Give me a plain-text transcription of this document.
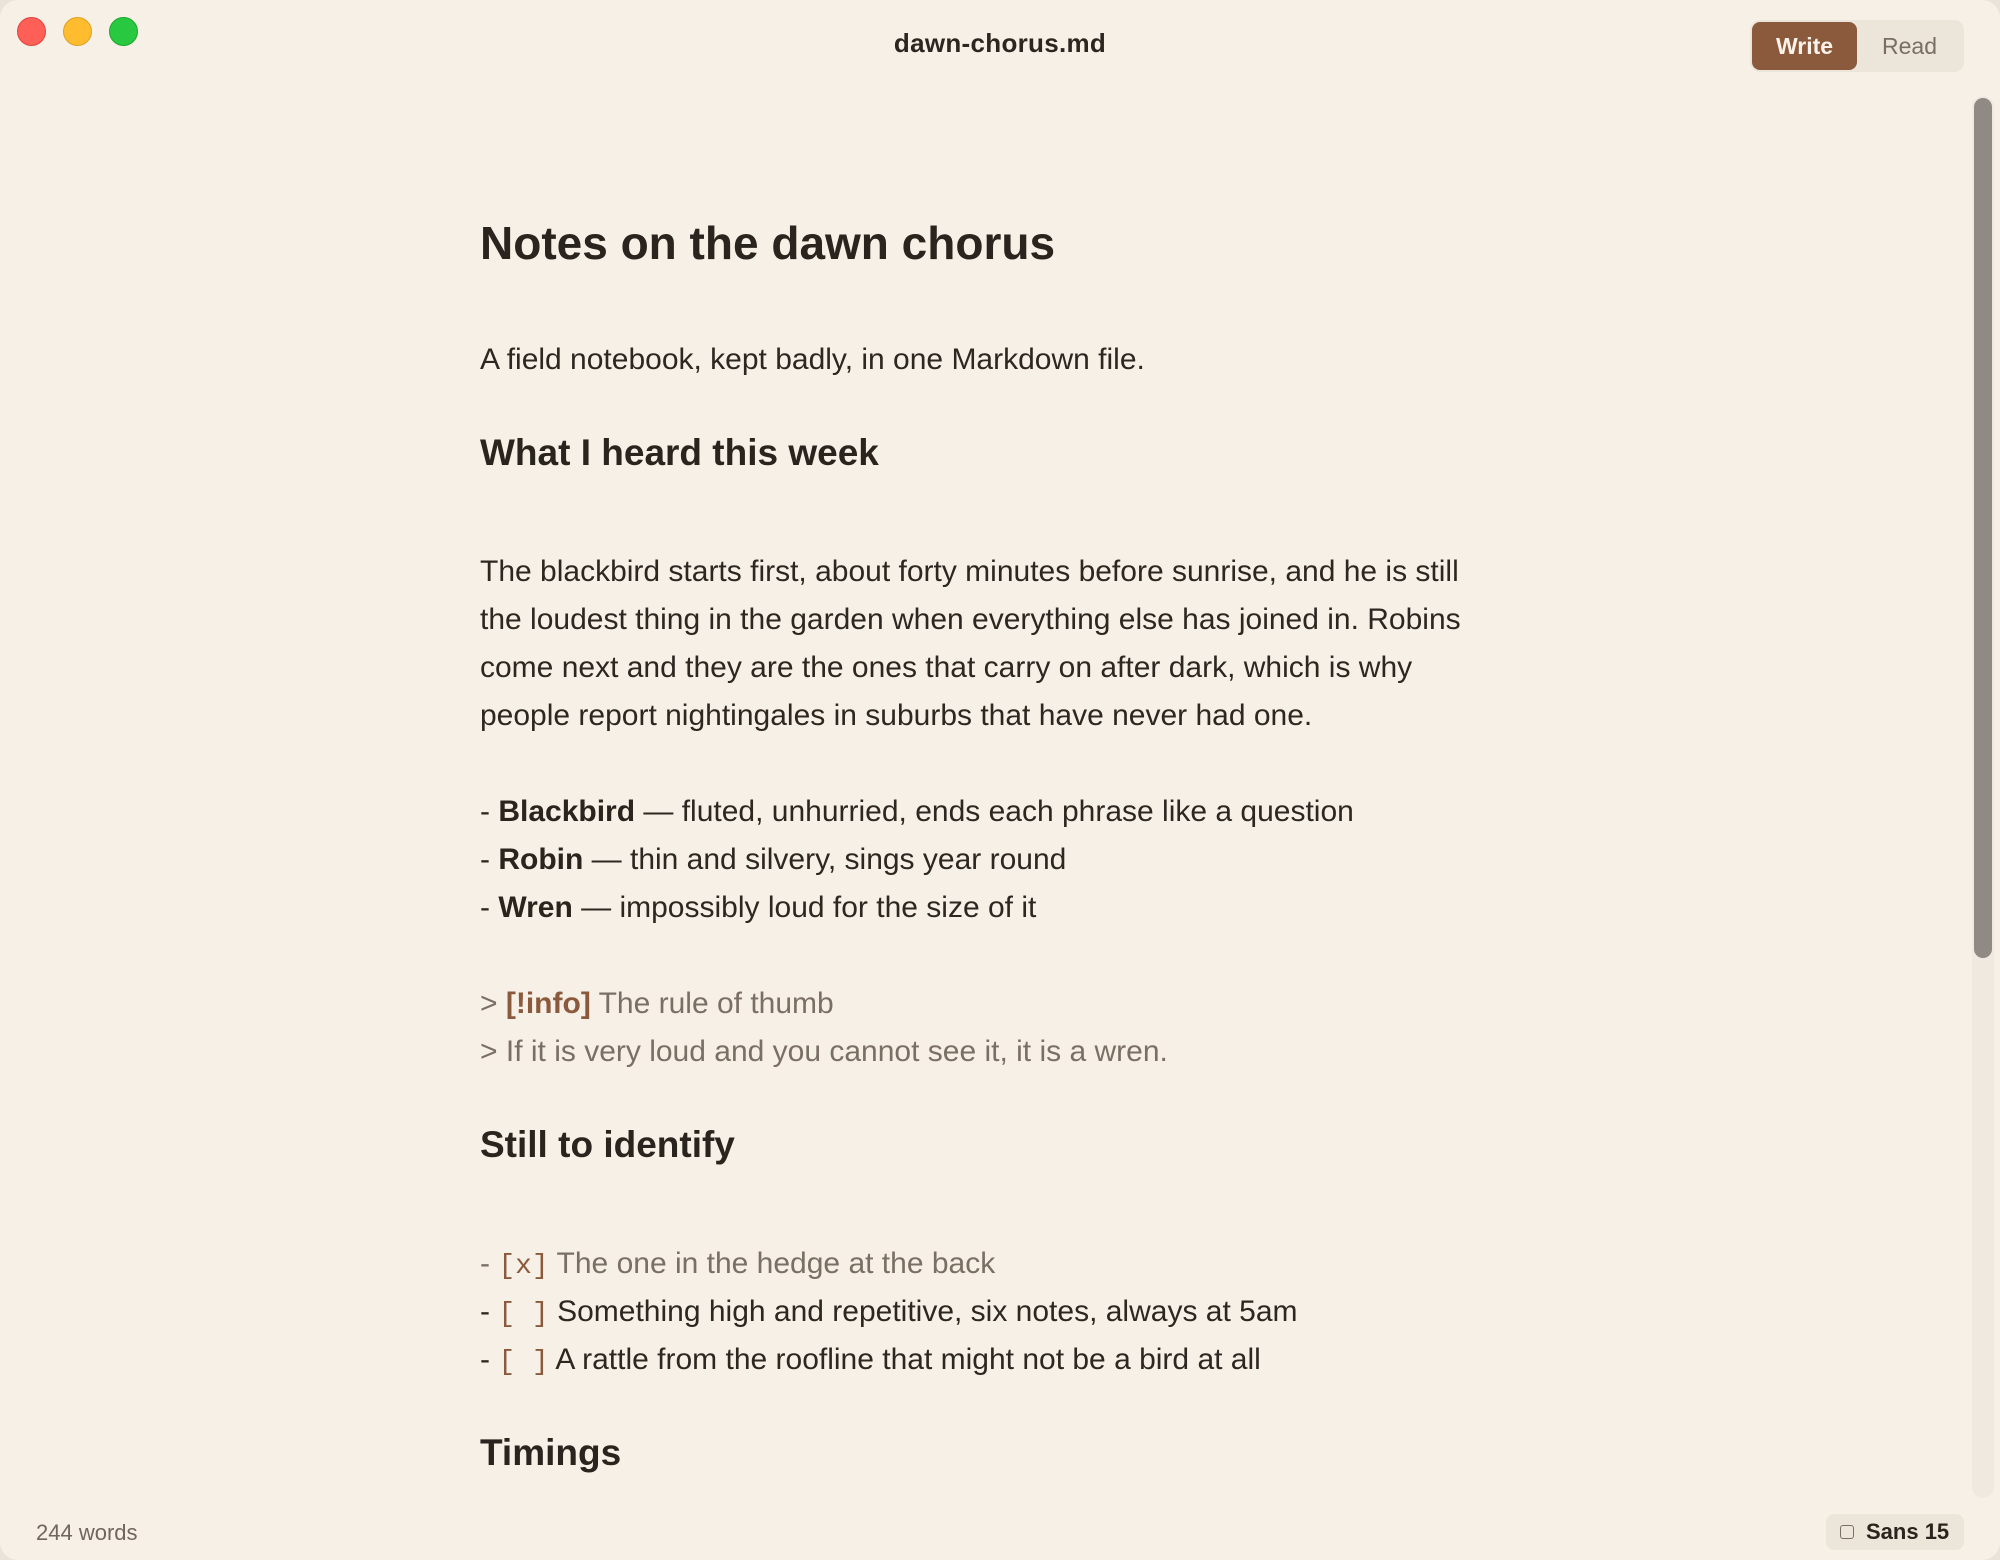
dawn-chorus.md	Write	Read
Notes on the dawn chorus
A field notebook, kept badly, in one Markdown file.
What I heard this week
The blackbird starts first, about forty minutes before sunrise, and he is still the loudest thing in the garden when everything else has joined in. Robins come next and they are the ones that carry on after dark, which is why people report nightingales in suburbs that have never had one.
- Blackbird — fluted, unhurried, ends each phrase like a question
- Robin — thin and silvery, sings year round
- Wren — impossibly loud for the size of it
> [!info] The rule of thumb
> If it is very loud and you cannot see it, it is a wren.
Still to identify
- [x] The one in the hedge at the back
- [ ] Something high and repetitive, six notes, always at 5am
- [ ] A rattle from the roofline that might not be a bird at all
Timings
244 words	Sans 15
